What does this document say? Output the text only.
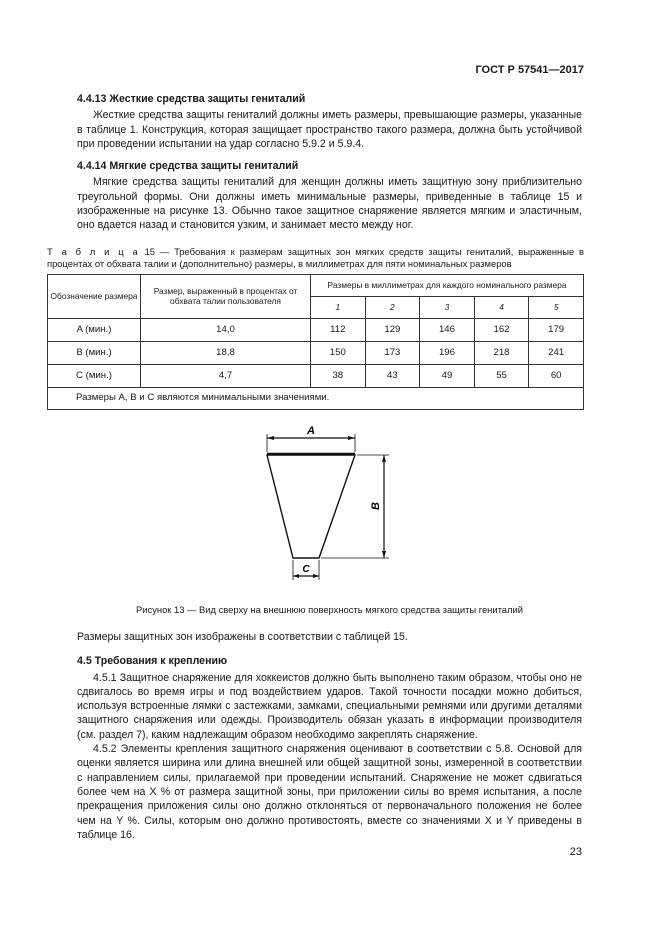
ГОСТ Р 57541—2017
4.4.13 Жесткие средства защиты гениталий

Жесткие средства защиты гениталий должны иметь размеры, превышающие размеры, указанные в таблице 1. Конструкция, которая защищает пространство такого размера, должна быть устойчивой при проведении испытании на удар согласно 5.9.2 и 5.9.4.

4.4.14 Мягкие средства защиты гениталий

Мягкие средства защиты гениталий для женщин должны иметь защитную зону приблизительно треугольной формы. Они должны иметь минимальные размеры, приведенные в таблице 15 и изображенные на рисунке 13. Обычно такое защитное снаряжение является мягким и эластичным, оно вдается назад и становится узким, и занимает место между ног.

Т а б л и ц а 15 — Требования к размерам защитных зон мягких средств защиты гениталий, выраженные в процентах от обхвата талии и (дополнительно) размеры, в миллиметрах для пяти номинальных размеров
Обозначение размера	Размер, выраженный в процентах от обхвата талии пользователя	Размеры в миллиметрах для каждого номинального размера				
		1	2	3	4	5
A (мин.)	14,0	112	129	146	162	179
B (мин.)	18,8	150	173	196	218	241
C (мин.)	4,7	38	43	49	55	60
Размеры A, B и C являются минимальными значениями.						
A
B
C
Рисунок 13 — Вид сверху на внешнюю поверхность мягкого средства защиты гениталий
Размеры защитных зон изображены в соответствии с таблицей 15.
4.5 Требования к креплению

4.5.1 Защитное снаряжение для хоккеистов должно быть выполнено таким образом, чтобы оно не сдвигалось во время игры и под воздействием ударов. Такой точности посадки можно добиться, используя встроенные лямки с застежками, замками, специальными ремнями или другими деталями защитного снаряжения или одежды. Производитель обязан указать в информации производителя (см. раздел 7), каким надлежащим образом необходимо закреплять снаряжение.

4.5.2 Элементы крепления защитного снаряжения оценивают в соответствии с 5.8. Основой для оценки является ширина или длина внешней или общей защитной зоны, измеренной в соответствии с направлением силы, прилагаемой при проведении испытаний. Снаряжение не может сдвигаться более чем на X % от размера защитной зоны, при приложении силы во время испытания, а после прекращения приложения силы оно должно отклоняться от первоначального положения не более чем на Y %. Силы, которым оно должно противостоять, вместе со значениями X и Y приведены в таблице 16.

23
